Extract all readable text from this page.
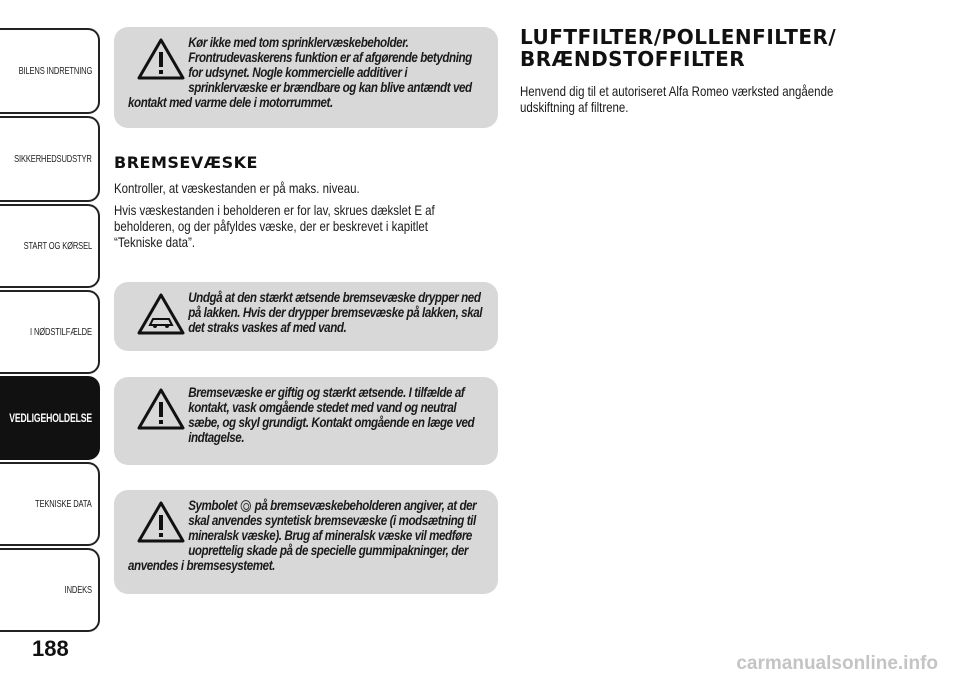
BILENS INDRETNING
SIKKERHEDSUDSTYR
START OG KØRSEL
I NØDSTILFÆLDE
VEDLIGEHOLDELSE
TEKNISKE DATA
INDEKS
188

Kør ikke med tom sprinklervæskebeholder. Frontrudevaskerens funktion er af afgørende betydning for udsynet. Nogle kommercielle additiver i sprinklervæske er brændbare og kan blive antændt ved kontakt med varme dele i motorrummet.

BREMSEVÆSKE

Kontroller, at væskestanden er på maks. niveau.

Hvis væskestanden i beholderen er for lav, skrues dækslet E af beholderen, og der påfyldes væske, der er beskrevet i kapitlet “Tekniske data”.

Undgå at den stærkt ætsende bremsevæske drypper ned på lakken. Hvis der drypper bremsevæske på lakken, skal det straks vaskes af med vand.

Bremsevæske er giftig og stærkt ætsende. I tilfælde af kontakt, vask omgående stedet med vand og neutral sæbe, og skyl grundigt. Kontakt omgående en læge ved indtagelse.

Symbolet på bremsevæskebeholderen angiver, at der skal anvendes syntetisk bremsevæske (i modsætning til mineralsk væske). Brug af mineralsk væske vil medføre uoprettelig skade på de specielle gummipakninger, der anvendes i bremsesystemet.

LUFTFILTER/POLLENFILTER/
BRÆNDSTOFFILTER

Henvend dig til et autoriseret Alfa Romeo værksted angående udskiftning af filtrene.

carmanualsonline.info
